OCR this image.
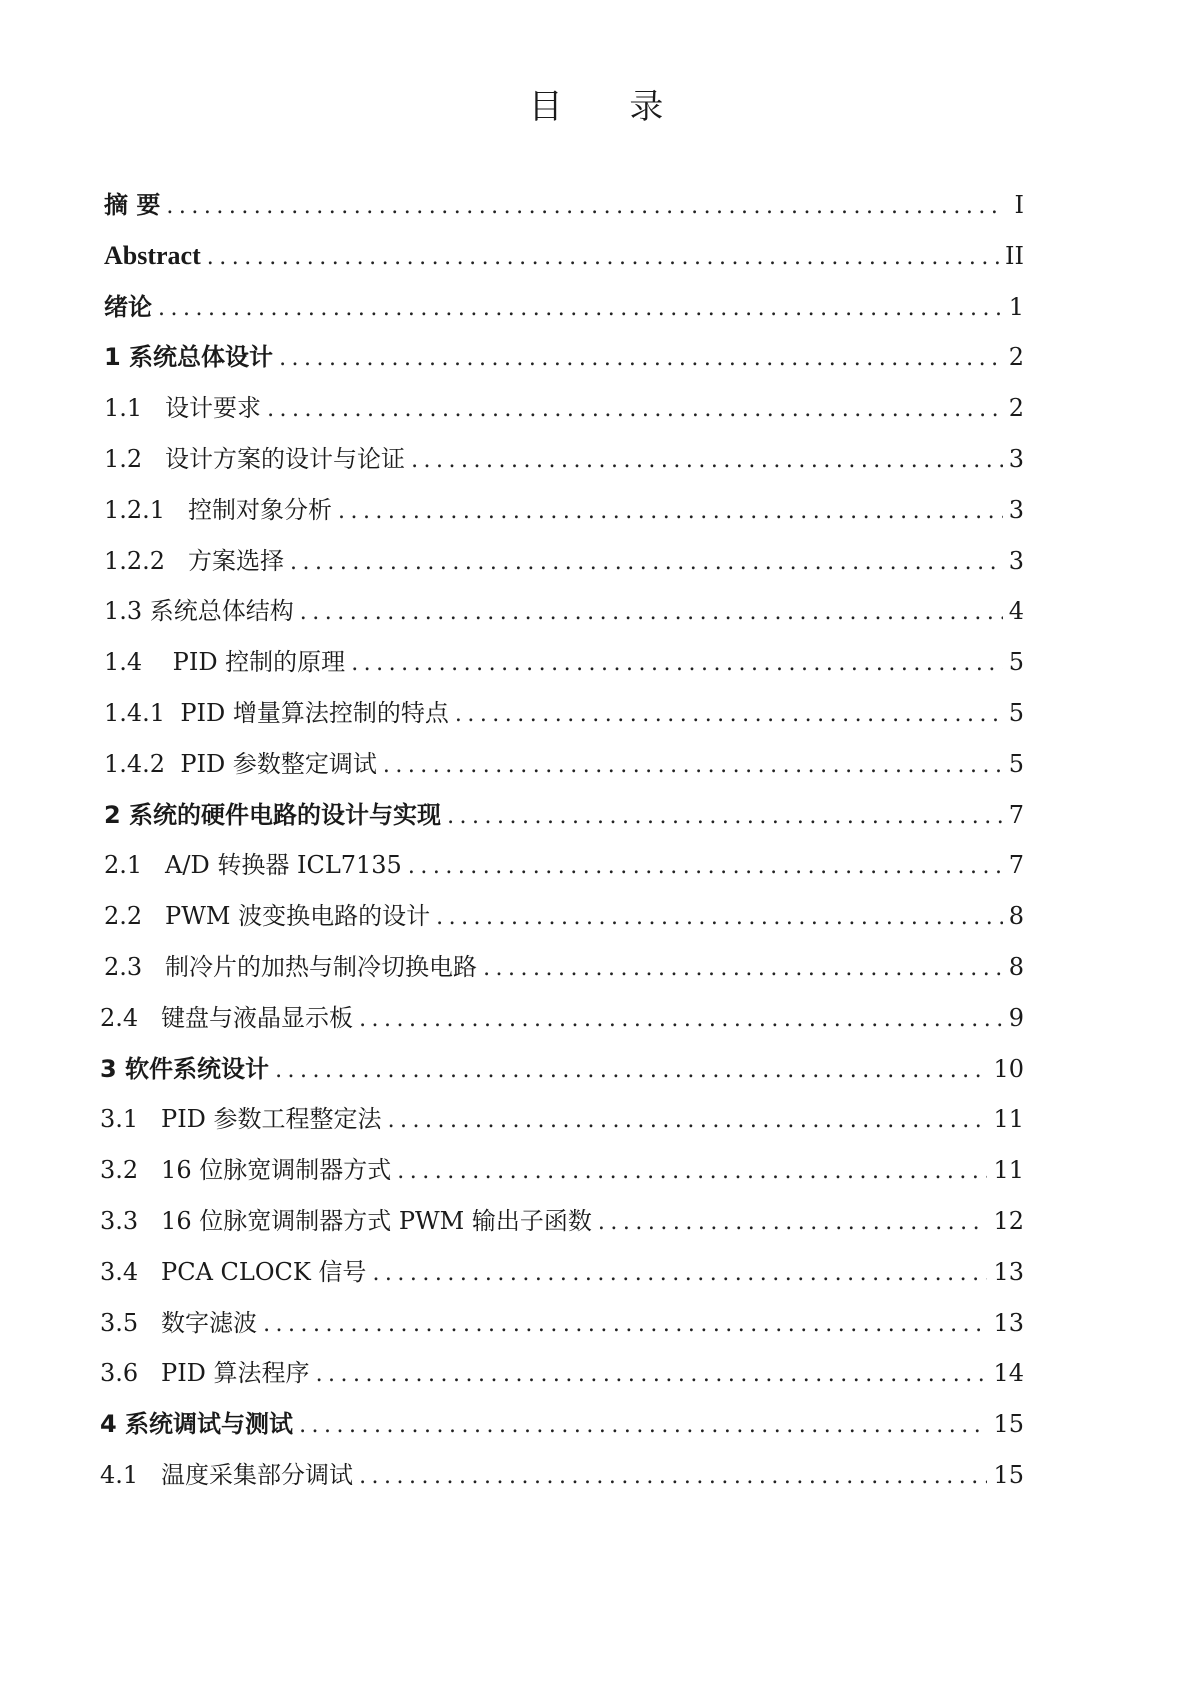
目 录
摘 要 .....	I
Abstract .....	II
绪论 .....	1
1 系统总体设计 .....	2
1.1   设计要求 .....	2
1.2   设计方案的设计与论证 .....	3
1.2.1   控制对象分析 .....	3
1.2.2   方案选择 .....	3
1.3 系统总体结构 .....	4
1.4    PID 控制的原理 .....	5
1.4.1  PID 增量算法控制的特点 .....	5
1.4.2  PID 参数整定调试 .....	5
2 系统的硬件电路的设计与实现 .....	7
2.1   A/D 转换器 ICL7135 .....	7
2.2   PWM 波变换电路的设计 .....	8
2.3   制冷片的加热与制冷切换电路 .....	8
2.4   键盘与液晶显示板 .....	9
3 软件系统设计 .....	10
3.1   PID 参数工程整定法 .....	11
3.2   16 位脉宽调制器方式 .....	11
3.3   16 位脉宽调制器方式 PWM 输出子函数 .....	12
3.4   PCA CLOCK 信号 .....	13
3.5   数字滤波 .....	13
3.6   PID 算法程序 .....	14
4 系统调试与测试 .....	15
4.1   温度采集部分调试 .....	15
